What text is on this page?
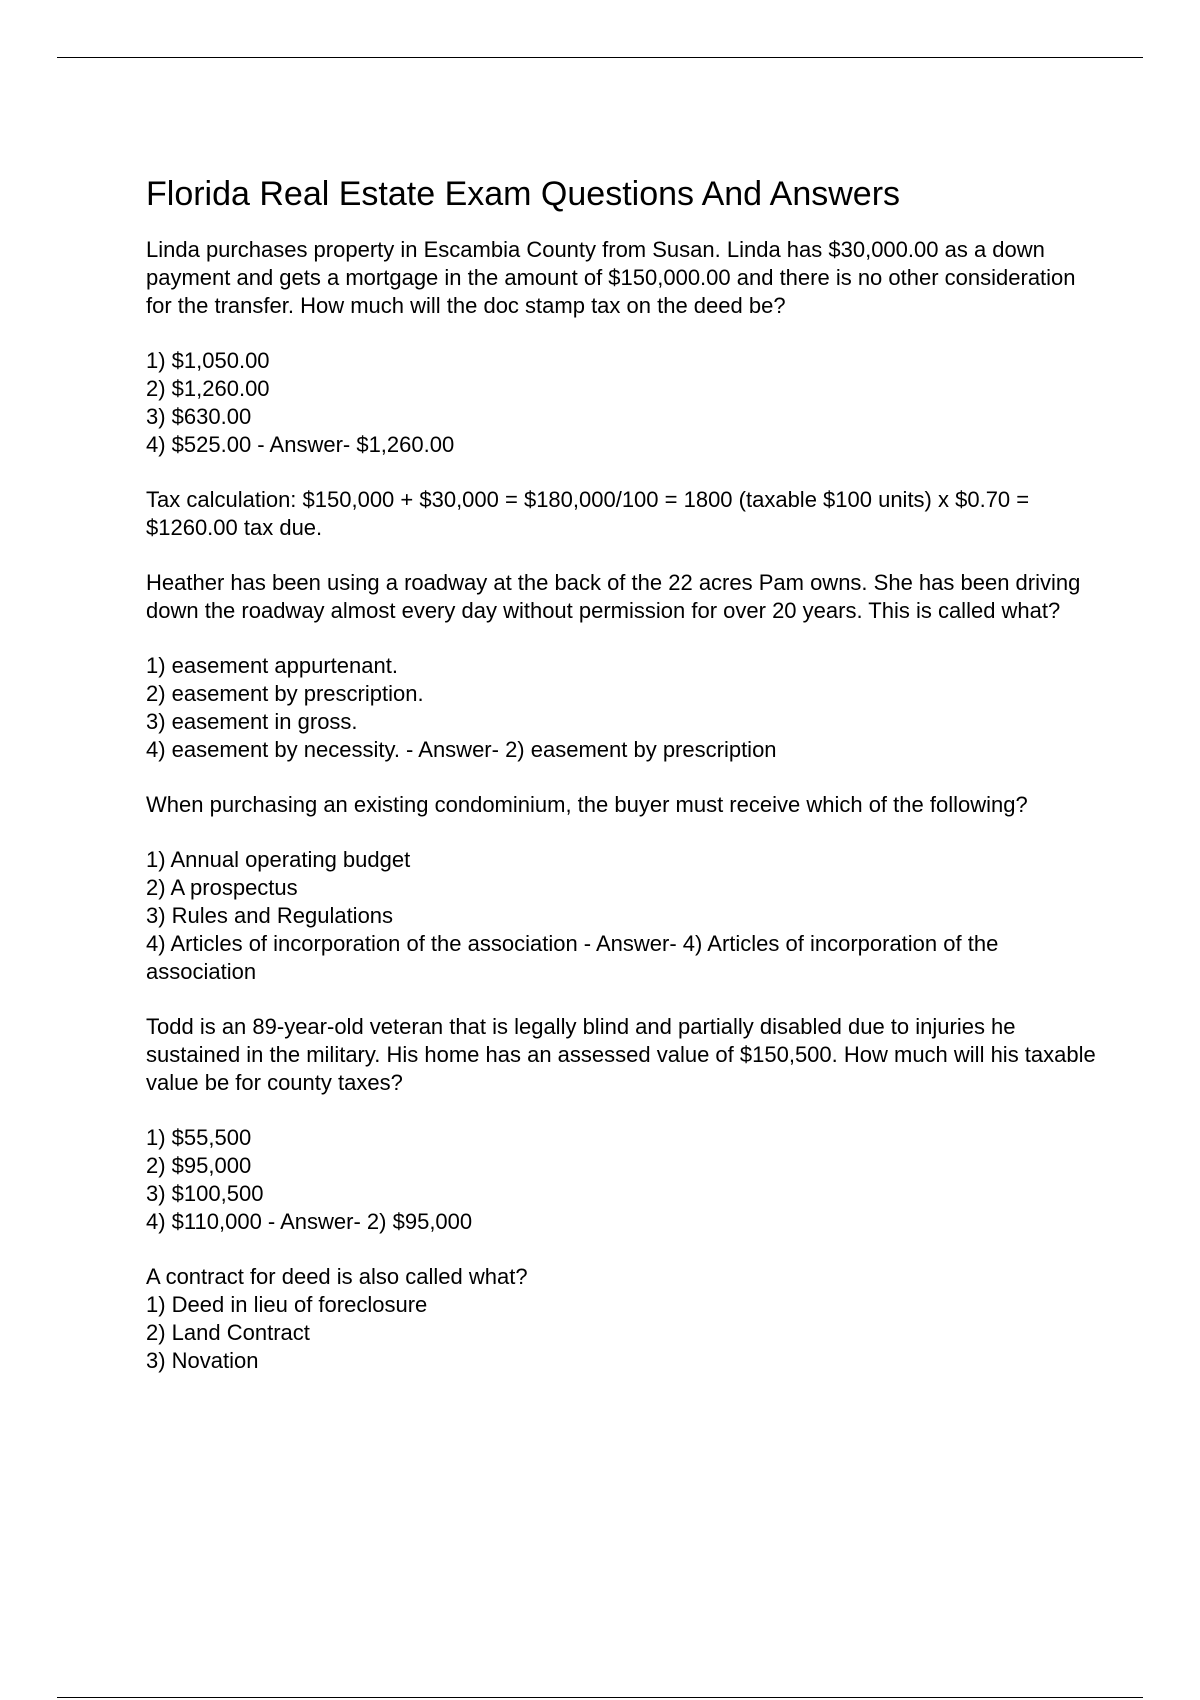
Florida Real Estate Exam Questions And Answers

Linda purchases property in Escambia County from Susan. Linda has $30,000.00 as a down payment and gets a mortgage in the amount of $150,000.00 and there is no other consideration for the transfer. How much will the doc stamp tax on the deed be?

1) $1,050.00
2) $1,260.00
3) $630.00
4) $525.00 - Answer- $1,260.00

Tax calculation: $150,000 + $30,000 = $180,000/100 = 1800 (taxable $100 units) x $0.70 = $1260.00 tax due.

Heather has been using a roadway at the back of the 22 acres Pam owns. She has been driving down the roadway almost every day without permission for over 20 years. This is called what?

1) easement appurtenant.
2) easement by prescription.
3) easement in gross.
4) easement by necessity. - Answer- 2) easement by prescription

When purchasing an existing condominium, the buyer must receive which of the following?

1) Annual operating budget
2) A prospectus
3) Rules and Regulations
4) Articles of incorporation of the association - Answer- 4) Articles of incorporation of the association

Todd is an 89-year-old veteran that is legally blind and partially disabled due to injuries he sustained in the military. His home has an assessed value of $150,500. How much will his taxable value be for county taxes?

1) $55,500
2) $95,000
3) $100,500
4) $110,000 - Answer- 2) $95,000

A contract for deed is also called what?

1) Deed in lieu of foreclosure
2) Land Contract
3) Novation
